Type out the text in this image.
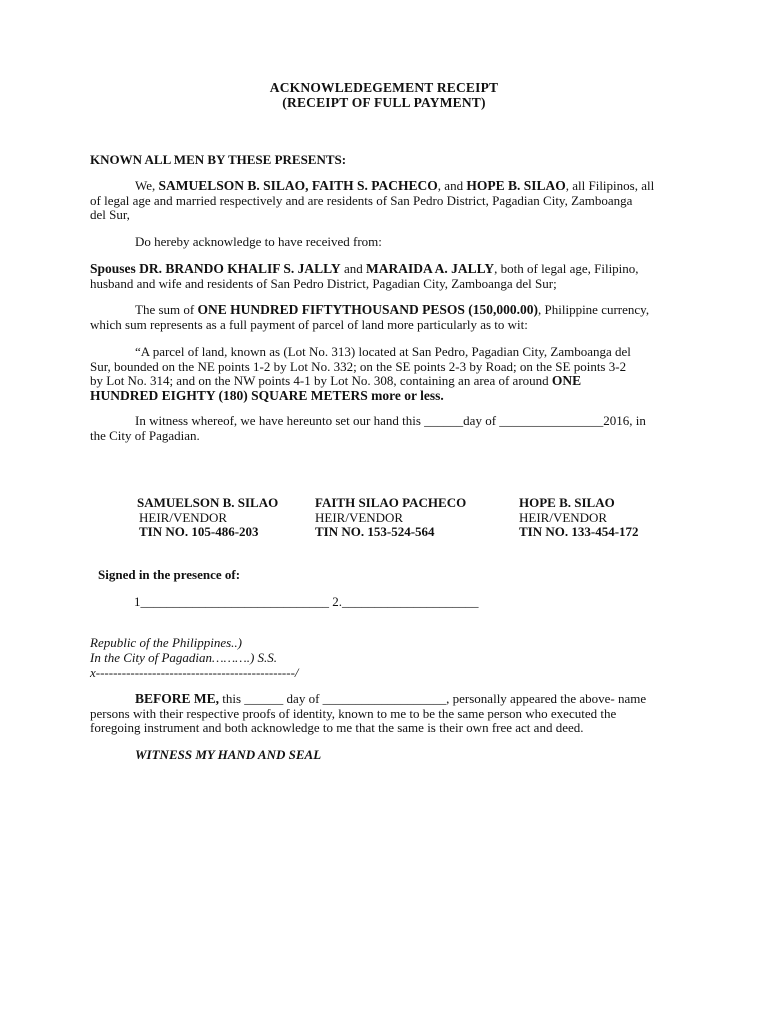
ACKNOWLEDEGEMENT RECEIPT
(RECEIPT OF FULL PAYMENT)
KNOWN ALL MEN BY THESE PRESENTS:
We, SAMUELSON B. SILAO, FAITH S. PACHECO, and HOPE B. SILAO, all Filipinos, all
of legal age and married respectively and are residents of San Pedro District, Pagadian City, Zamboanga
del Sur,
Do hereby acknowledge to have received from:
Spouses DR. BRANDO KHALIF S. JALLY and MARAIDA A. JALLY, both of legal age, Filipino,
husband and wife and residents of San Pedro District, Pagadian City, Zamboanga del Sur;
The sum of ONE HUNDRED FIFTYTHOUSAND PESOS (150,000.00), Philippine currency,
which sum represents as a full payment of parcel of land more particularly as to wit:
“A parcel of land, known as (Lot No. 313) located at San Pedro, Pagadian City, Zamboanga del
Sur, bounded on the NE points 1-2 by Lot No. 332; on the SE points 2-3 by Road; on the SE points 3-2
by Lot No. 314; and on the NW points 4-1 by Lot No. 308, containing an area of around ONE
HUNDRED EIGHTY (180) SQUARE METERS more or less.
In witness whereof, we have hereunto set our hand this ______day of ________________2016, in
the City of Pagadian.
SAMUELSON B. SILAO
HEIR/VENDOR
TIN NO. 105-486-203
FAITH SILAO PACHECO
HEIR/VENDOR
TIN NO. 153-524-564
HOPE B. SILAO
HEIR/VENDOR
TIN NO. 133-454-172
Signed in the presence of:
1_____________________________ 2._____________________
Republic of the Philippines..)
In the City of Pagadian……….) S.S.
x----------------------------------------------/
BEFORE ME, this ______ day of ___________________, personally appeared the above- name
persons with their respective proofs of identity, known to me to be the same person who executed the
foregoing instrument and both acknowledge to me that the same is their own free act and deed.
WITNESS MY HAND AND SEAL
